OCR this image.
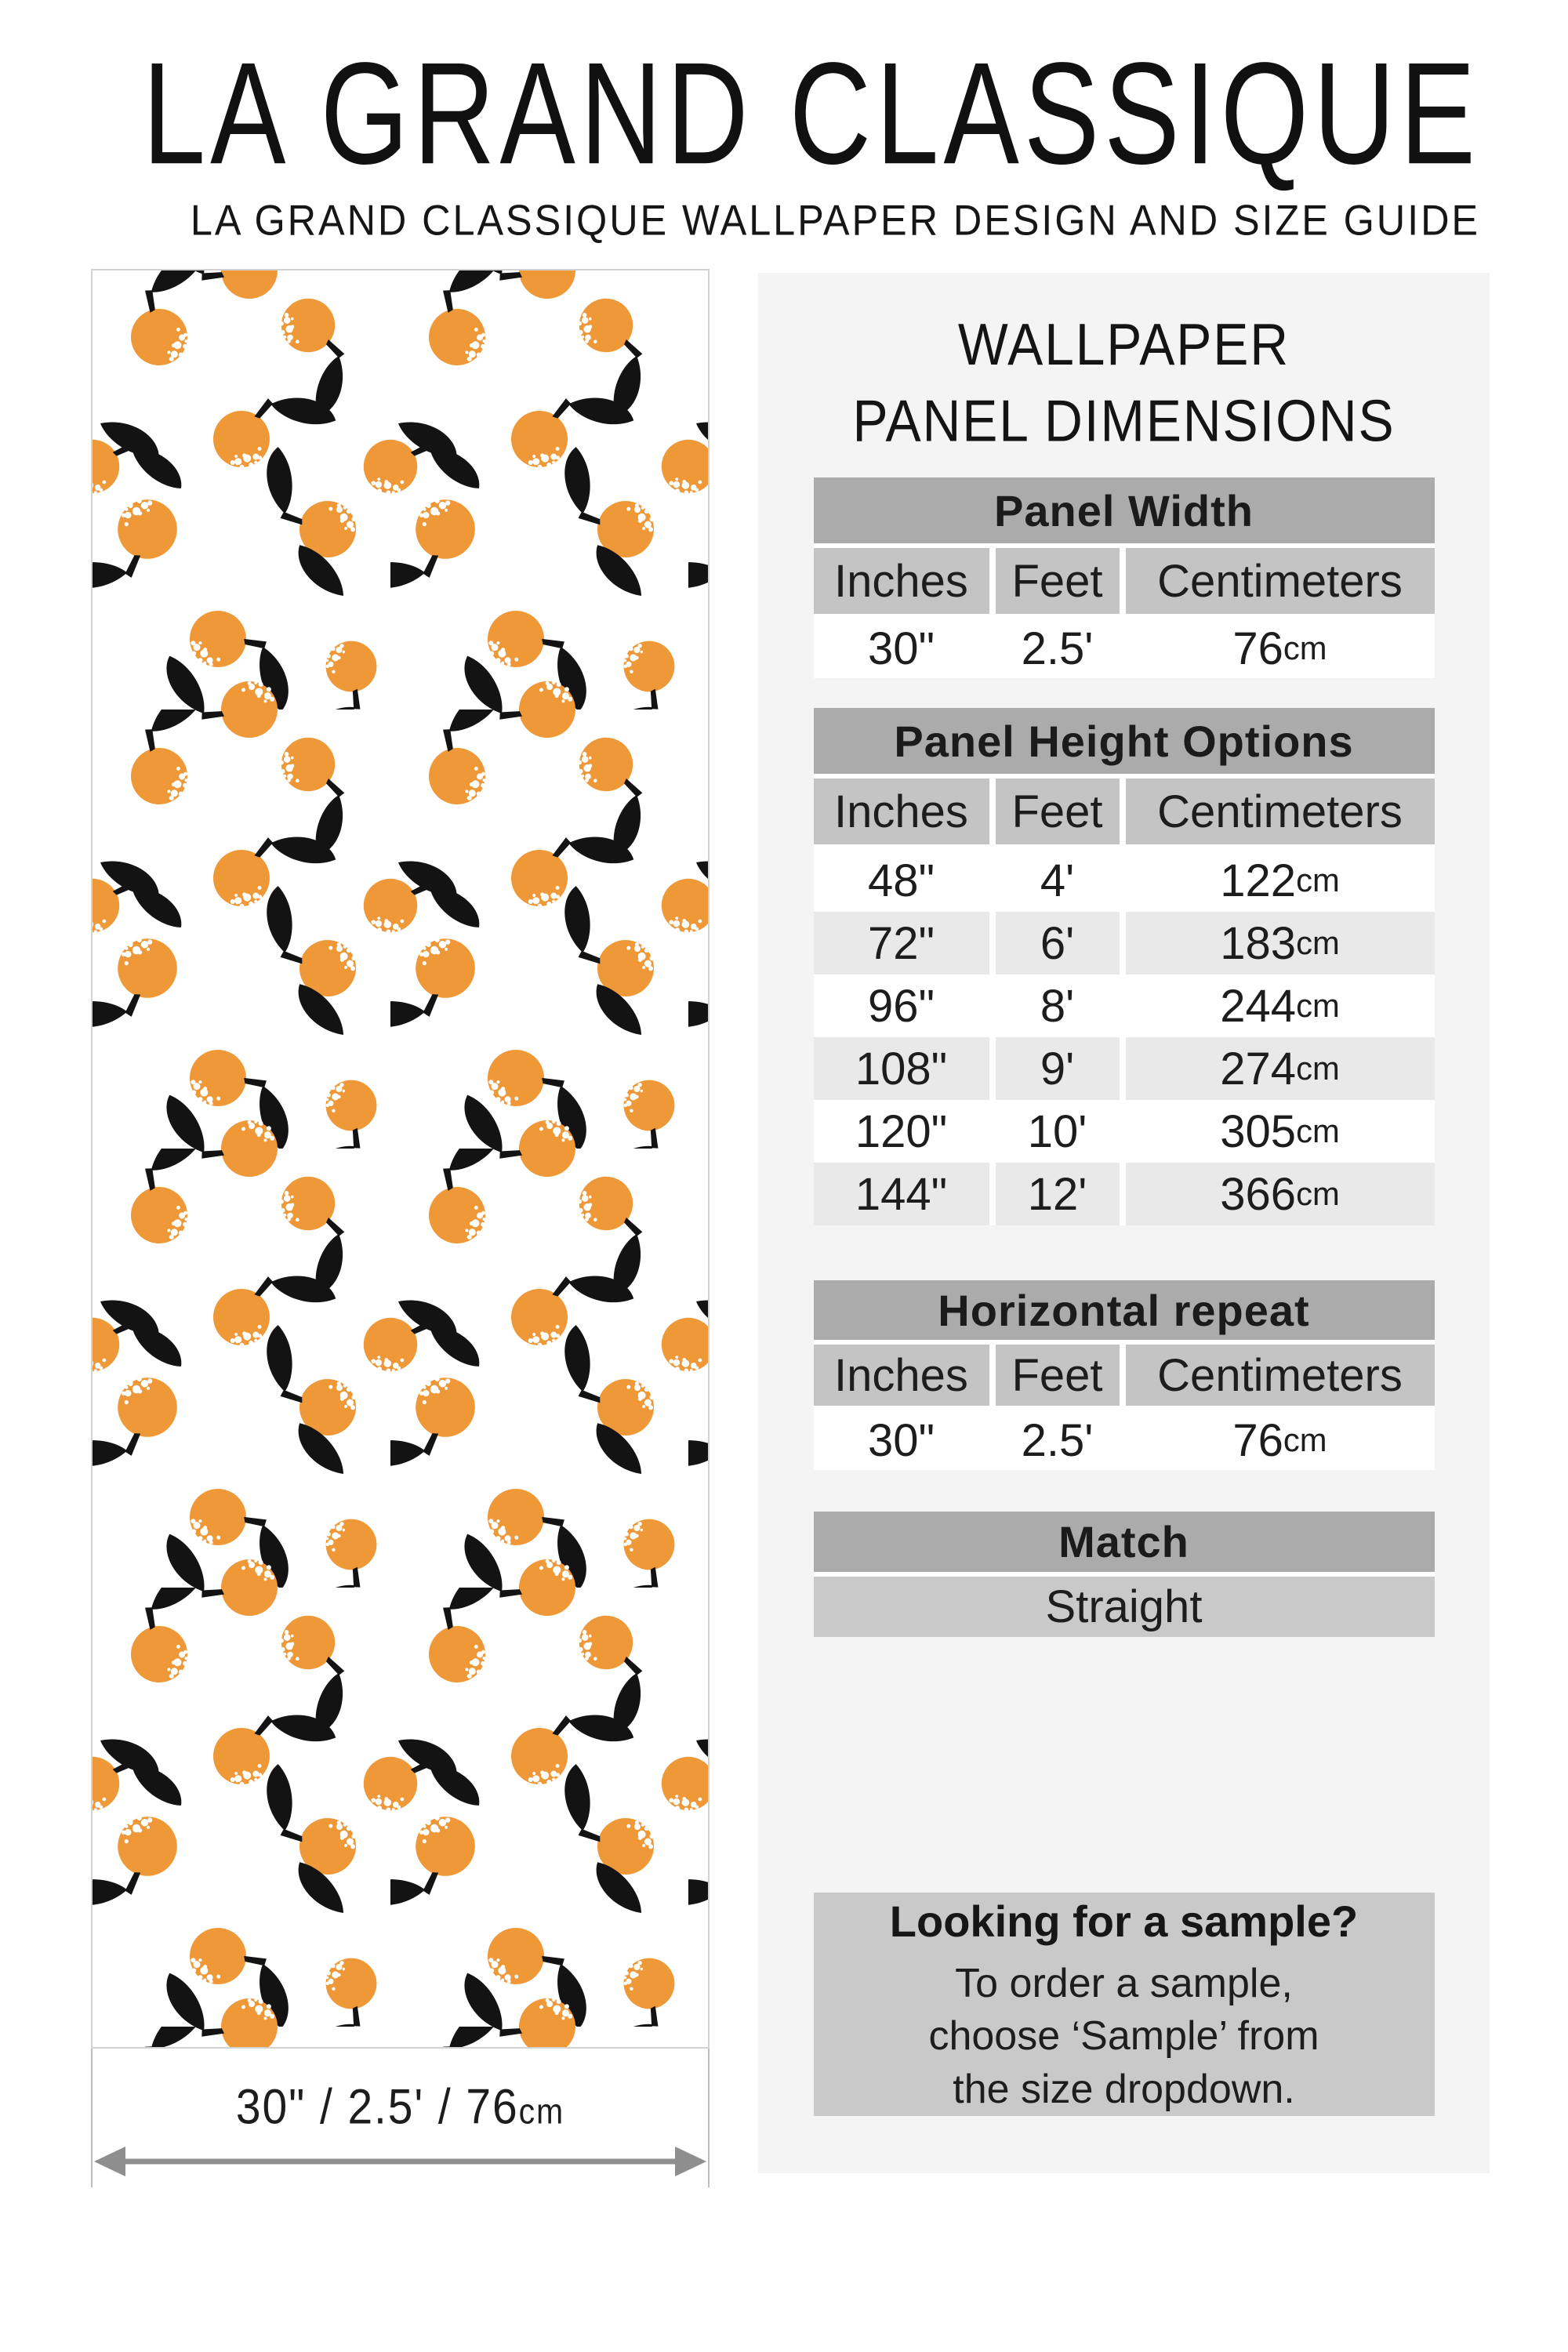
LA GRAND CLASSIQUE
LA GRAND CLASSIQUE WALLPAPER DESIGN AND SIZE GUIDE
30" / 2.5' / 76cm
WALLPAPER
PANEL DIMENSIONS
Panel Width
Inches Feet	Centimeters
30"	2.5'	76 cm
Panel Height Options
Inches Feet	Centimeters
48"	4'	122 cm
72"	6'	183 cm
96"	8'	244 cm
108"	9'	274 cm
120"	10'	305 cm
144"	12'	366 cm
Horizontal repeat
Inches Feet	Centimeters
30"	2.5'	76 cm
Match
Straight
Looking for a sample?
To order a sample,
choose ‘Sample’ from
the size dropdown.
